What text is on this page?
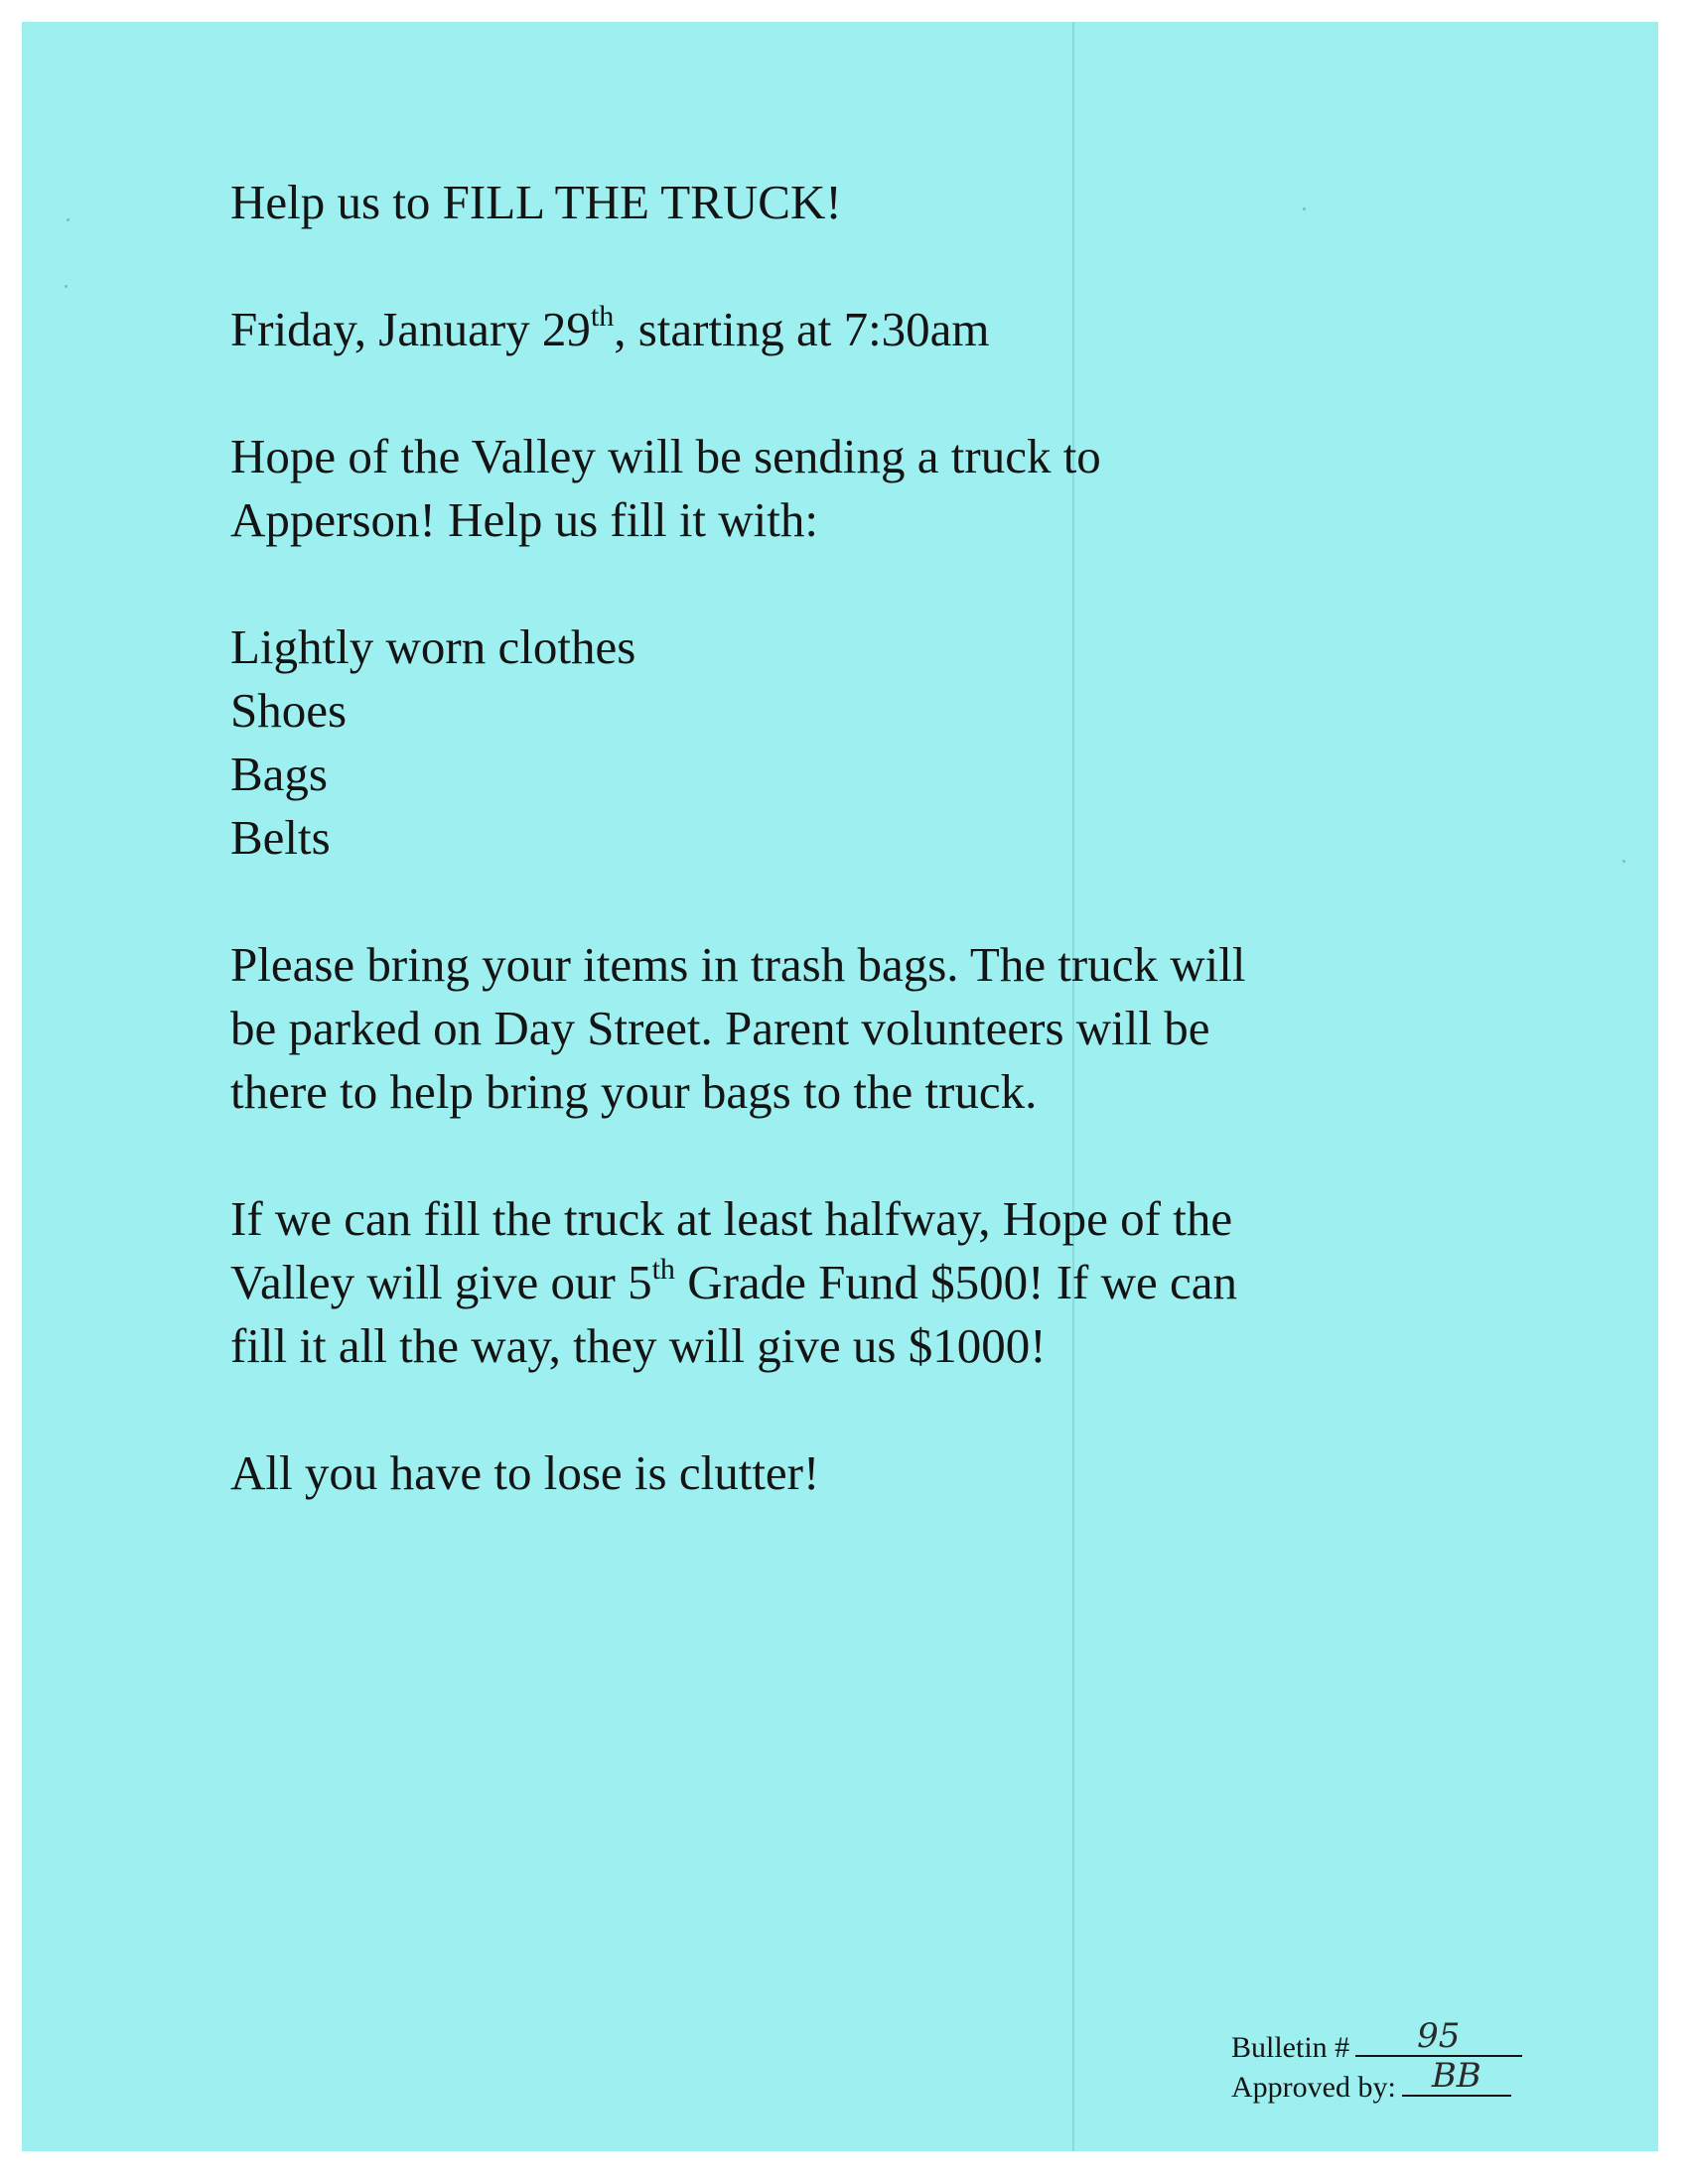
Help us to FILL THE TRUCK!
Friday, January 29th, starting at 7:30am
Hope of the Valley will be sending a truck to
Apperson! Help us fill it with:
Lightly worn clothes
Shoes
Bags
Belts
Please bring your items in trash bags. The truck will
be parked on Day Street. Parent volunteers will be
there to help bring your bags to the truck.
If we can fill the truck at least halfway, Hope of the
Valley will give our 5th Grade Fund $500! If we can
fill it all the way, they will give us $1000!
All you have to lose is clutter!
Bulletin # 95
Approved by: BB
